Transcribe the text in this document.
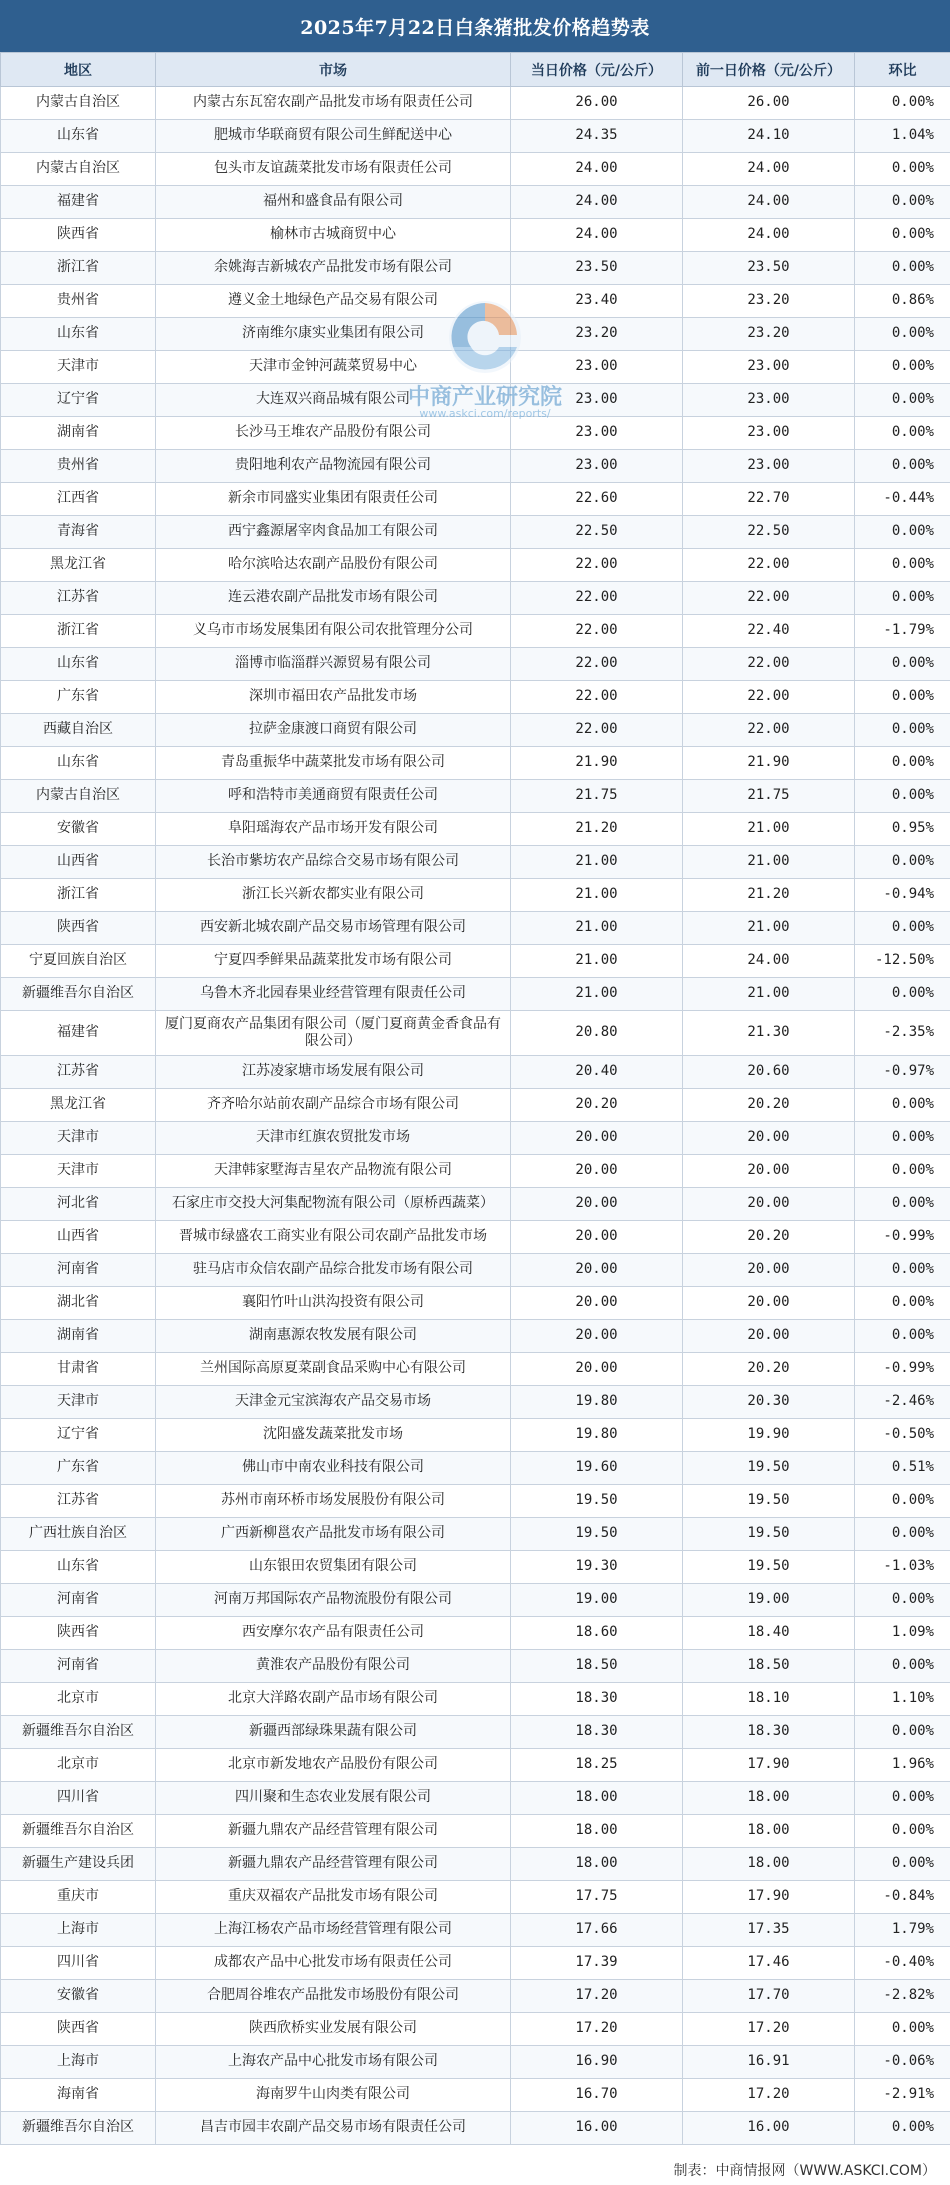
2025年7月22日白条猪批发价格趋势表
地区	市场	当日价格（元/公斤）	前一日价格（元/公斤）	环比
内蒙古自治区	内蒙古东瓦窑农副产品批发市场有限责任公司	26.00	26.00	0.00%
山东省	肥城市华联商贸有限公司生鲜配送中心	24.35	24.10	1.04%
内蒙古自治区	包头市友谊蔬菜批发市场有限责任公司	24.00	24.00	0.00%
福建省	福州和盛食品有限公司	24.00	24.00	0.00%
陕西省	榆林市古城商贸中心	24.00	24.00	0.00%
浙江省	余姚海吉新城农产品批发市场有限公司	23.50	23.50	0.00%
贵州省	遵义金土地绿色产品交易有限公司	23.40	23.20	0.86%
山东省	济南维尔康实业集团有限公司	23.20	23.20	0.00%
天津市	天津市金钟河蔬菜贸易中心	23.00	23.00	0.00%
辽宁省	大连双兴商品城有限公司	23.00	23.00	0.00%
湖南省	长沙马王堆农产品股份有限公司	23.00	23.00	0.00%
贵州省	贵阳地利农产品物流园有限公司	23.00	23.00	0.00%
江西省	新余市同盛实业集团有限责任公司	22.60	22.70	-0.44%
青海省	西宁鑫源屠宰肉食品加工有限公司	22.50	22.50	0.00%
黑龙江省	哈尔滨哈达农副产品股份有限公司	22.00	22.00	0.00%
江苏省	连云港农副产品批发市场有限公司	22.00	22.00	0.00%
浙江省	义乌市市场发展集团有限公司农批管理分公司	22.00	22.40	-1.79%
山东省	淄博市临淄群兴源贸易有限公司	22.00	22.00	0.00%
广东省	深圳市福田农产品批发市场	22.00	22.00	0.00%
西藏自治区	拉萨金康渡口商贸有限公司	22.00	22.00	0.00%
山东省	青岛重振华中蔬菜批发市场有限公司	21.90	21.90	0.00%
内蒙古自治区	呼和浩特市美通商贸有限责任公司	21.75	21.75	0.00%
安徽省	阜阳瑶海农产品市场开发有限公司	21.20	21.00	0.95%
山西省	长治市紫坊农产品综合交易市场有限公司	21.00	21.00	0.00%
浙江省	浙江长兴新农都实业有限公司	21.00	21.20	-0.94%
陕西省	西安新北城农副产品交易市场管理有限公司	21.00	21.00	0.00%
宁夏回族自治区	宁夏四季鲜果品蔬菜批发市场有限公司	21.00	24.00	-12.50%
新疆维吾尔自治区	乌鲁木齐北园春果业经营管理有限责任公司	21.00	21.00	0.00%
福建省	厦门夏商农产品集团有限公司（厦门夏商黄金香食品有限公司）	20.80	21.30	-2.35%
江苏省	江苏凌家塘市场发展有限公司	20.40	20.60	-0.97%
黑龙江省	齐齐哈尔站前农副产品综合市场有限公司	20.20	20.20	0.00%
天津市	天津市红旗农贸批发市场	20.00	20.00	0.00%
天津市	天津韩家墅海吉星农产品物流有限公司	20.00	20.00	0.00%
河北省	石家庄市交投大河集配物流有限公司（原桥西蔬菜）	20.00	20.00	0.00%
山西省	晋城市绿盛农工商实业有限公司农副产品批发市场	20.00	20.20	-0.99%
河南省	驻马店市众信农副产品综合批发市场有限公司	20.00	20.00	0.00%
湖北省	襄阳竹叶山洪沟投资有限公司	20.00	20.00	0.00%
湖南省	湖南惠源农牧发展有限公司	20.00	20.00	0.00%
甘肃省	兰州国际高原夏菜副食品采购中心有限公司	20.00	20.20	-0.99%
天津市	天津金元宝滨海农产品交易市场	19.80	20.30	-2.46%
辽宁省	沈阳盛发蔬菜批发市场	19.80	19.90	-0.50%
广东省	佛山市中南农业科技有限公司	19.60	19.50	0.51%
江苏省	苏州市南环桥市场发展股份有限公司	19.50	19.50	0.00%
广西壮族自治区	广西新柳邕农产品批发市场有限公司	19.50	19.50	0.00%
山东省	山东银田农贸集团有限公司	19.30	19.50	-1.03%
河南省	河南万邦国际农产品物流股份有限公司	19.00	19.00	0.00%
陕西省	西安摩尔农产品有限责任公司	18.60	18.40	1.09%
河南省	黄淮农产品股份有限公司	18.50	18.50	0.00%
北京市	北京大洋路农副产品市场有限公司	18.30	18.10	1.10%
新疆维吾尔自治区	新疆西部绿珠果蔬有限公司	18.30	18.30	0.00%
北京市	北京市新发地农产品股份有限公司	18.25	17.90	1.96%
四川省	四川聚和生态农业发展有限公司	18.00	18.00	0.00%
新疆维吾尔自治区	新疆九鼎农产品经营管理有限公司	18.00	18.00	0.00%
新疆生产建设兵团	新疆九鼎农产品经营管理有限公司	18.00	18.00	0.00%
重庆市	重庆双福农产品批发市场有限公司	17.75	17.90	-0.84%
上海市	上海江杨农产品市场经营管理有限公司	17.66	17.35	1.79%
四川省	成都农产品中心批发市场有限责任公司	17.39	17.46	-0.40%
安徽省	合肥周谷堆农产品批发市场股份有限公司	17.20	17.70	-2.82%
陕西省	陕西欣桥实业发展有限公司	17.20	17.20	0.00%
上海市	上海农产品中心批发市场有限公司	16.90	16.91	-0.06%
海南省	海南罗牛山肉类有限公司	16.70	17.20	-2.91%
新疆维吾尔自治区	昌吉市园丰农副产品交易市场有限责任公司	16.00	16.00	0.00%
中商产业研究院
www.askci.com/reports/
制表：中商情报网（WWW.ASKCI.COM）
